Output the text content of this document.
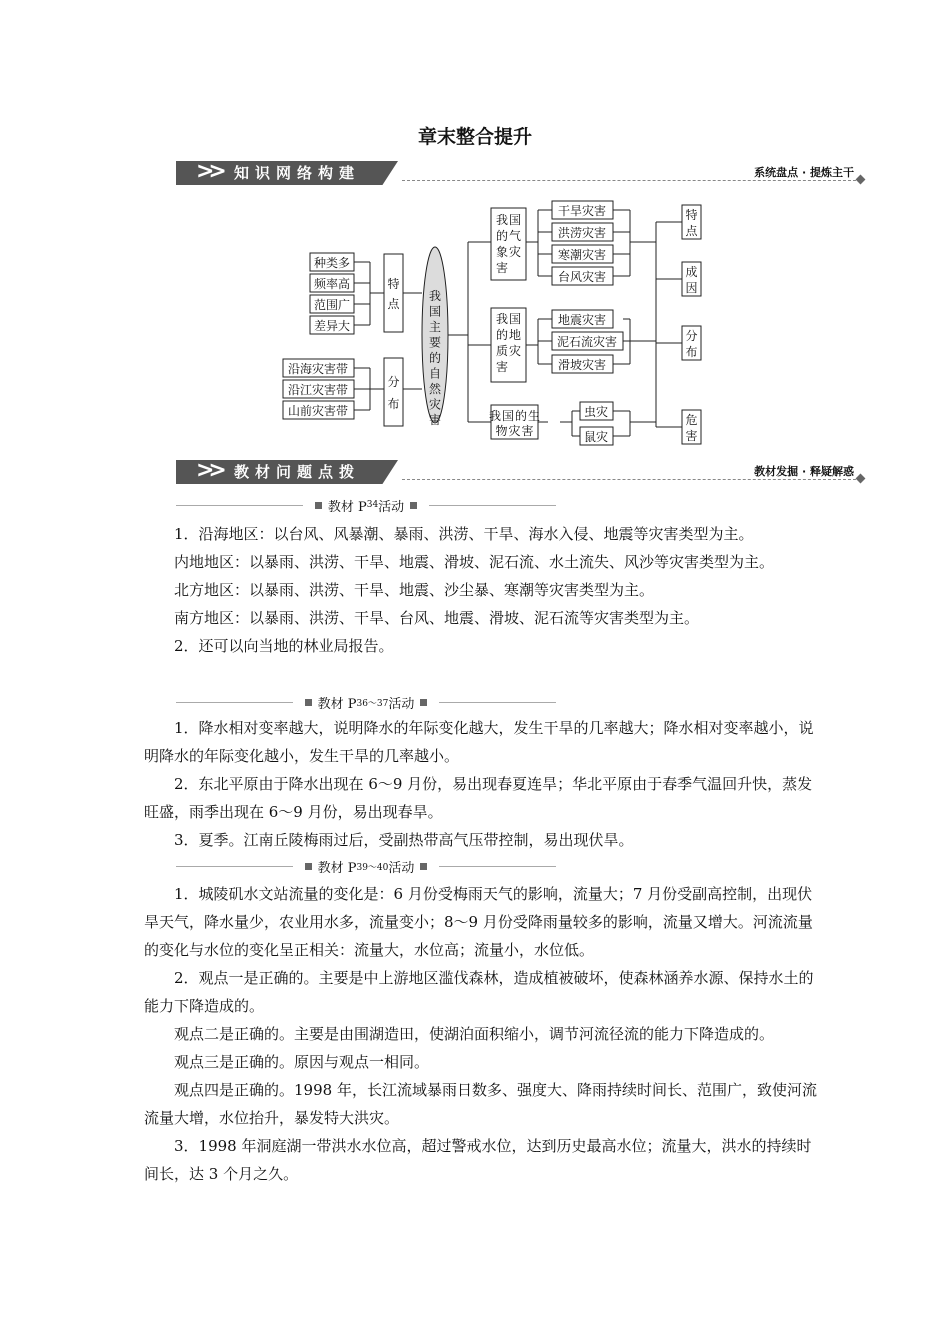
章末整合提升
>> 知识网络构建	系统盘点 · 提炼主干
种类多
频率高
范围广
差异大
沿海灾害带
沿江灾害带
山前灾害带
干旱灾害
洪涝灾害
寒潮灾害
台风灾害
地震灾害
泥石流灾害
滑坡灾害
虫灾
鼠灾
特
点
分
布
我
国
主
要
的
自
然
灾
害
我 国
的 气
象 灾
害
我 国
的 地
质 灾
害
我 国 的 生
物 灾 害
特
点
成
因
分
布
危
害
教材 P 34 活动

1．沿海地区：以台风、风暴潮、暴雨、洪涝、干旱、海水入侵、地震等灾害类型为主。

内地地区：以暴雨、洪涝、干旱、地震、滑坡、泥石流、水土流失、风沙等灾害类型为主。

北方地区：以暴雨、洪涝、干旱、地震、沙尘暴、寒潮等灾害类型为主。

南方地区：以暴雨、洪涝、干旱、台风、地震、滑坡、泥石流等灾害类型为主。

2．还可以向当地的林业局报告。

教材 P 36～37 活动

1．降水相对变率越大，说明降水的年际变化越大，发生干旱的几率越大；降水相对变率越小，说明降水的年际变化越小，发生干旱的几率越小。

2．东北平原由于降水出现在 6～9 月份，易出现春夏连旱；华北平原由于春季气温回升快，蒸发旺盛，雨季出现在 6～9 月份，易出现春旱。

3．夏季。江南丘陵梅雨过后，受副热带高气压带控制，易出现伏旱。

教材 P 39～40 活动

1．城陵矶水文站流量的变化是：6 月份受梅雨天气的影响，流量大；7 月份受副高控制，出现伏旱天气，降水量少，农业用水多，流量变小；8～9 月份受降雨量较多的影响，流量又增大。河流流量的变化与水位的变化呈正相关：流量大，水位高；流量小，水位低。

2．观点一是正确的。主要是中上游地区滥伐森林，造成植被破坏，使森林涵养水源、保持水土的能力下降造成的。

观点二是正确的。主要是由围湖造田，使湖泊面积缩小，调节河流径流的能力下降造成的。

观点三是正确的。原因与观点一相同。

观点四是正确的。1998 年，长江流域暴雨日数多、强度大、降雨持续时间长、范围广，致使河流流量大增，水位抬升，暴发特大洪灾。

3．1998 年洞庭湖一带洪水水位高，超过警戒水位，达到历史最高水位；流量大，洪水的持续时间长，达 3 个月之久。

>> 教材问题点拨	教材发掘 · 释疑解惑
